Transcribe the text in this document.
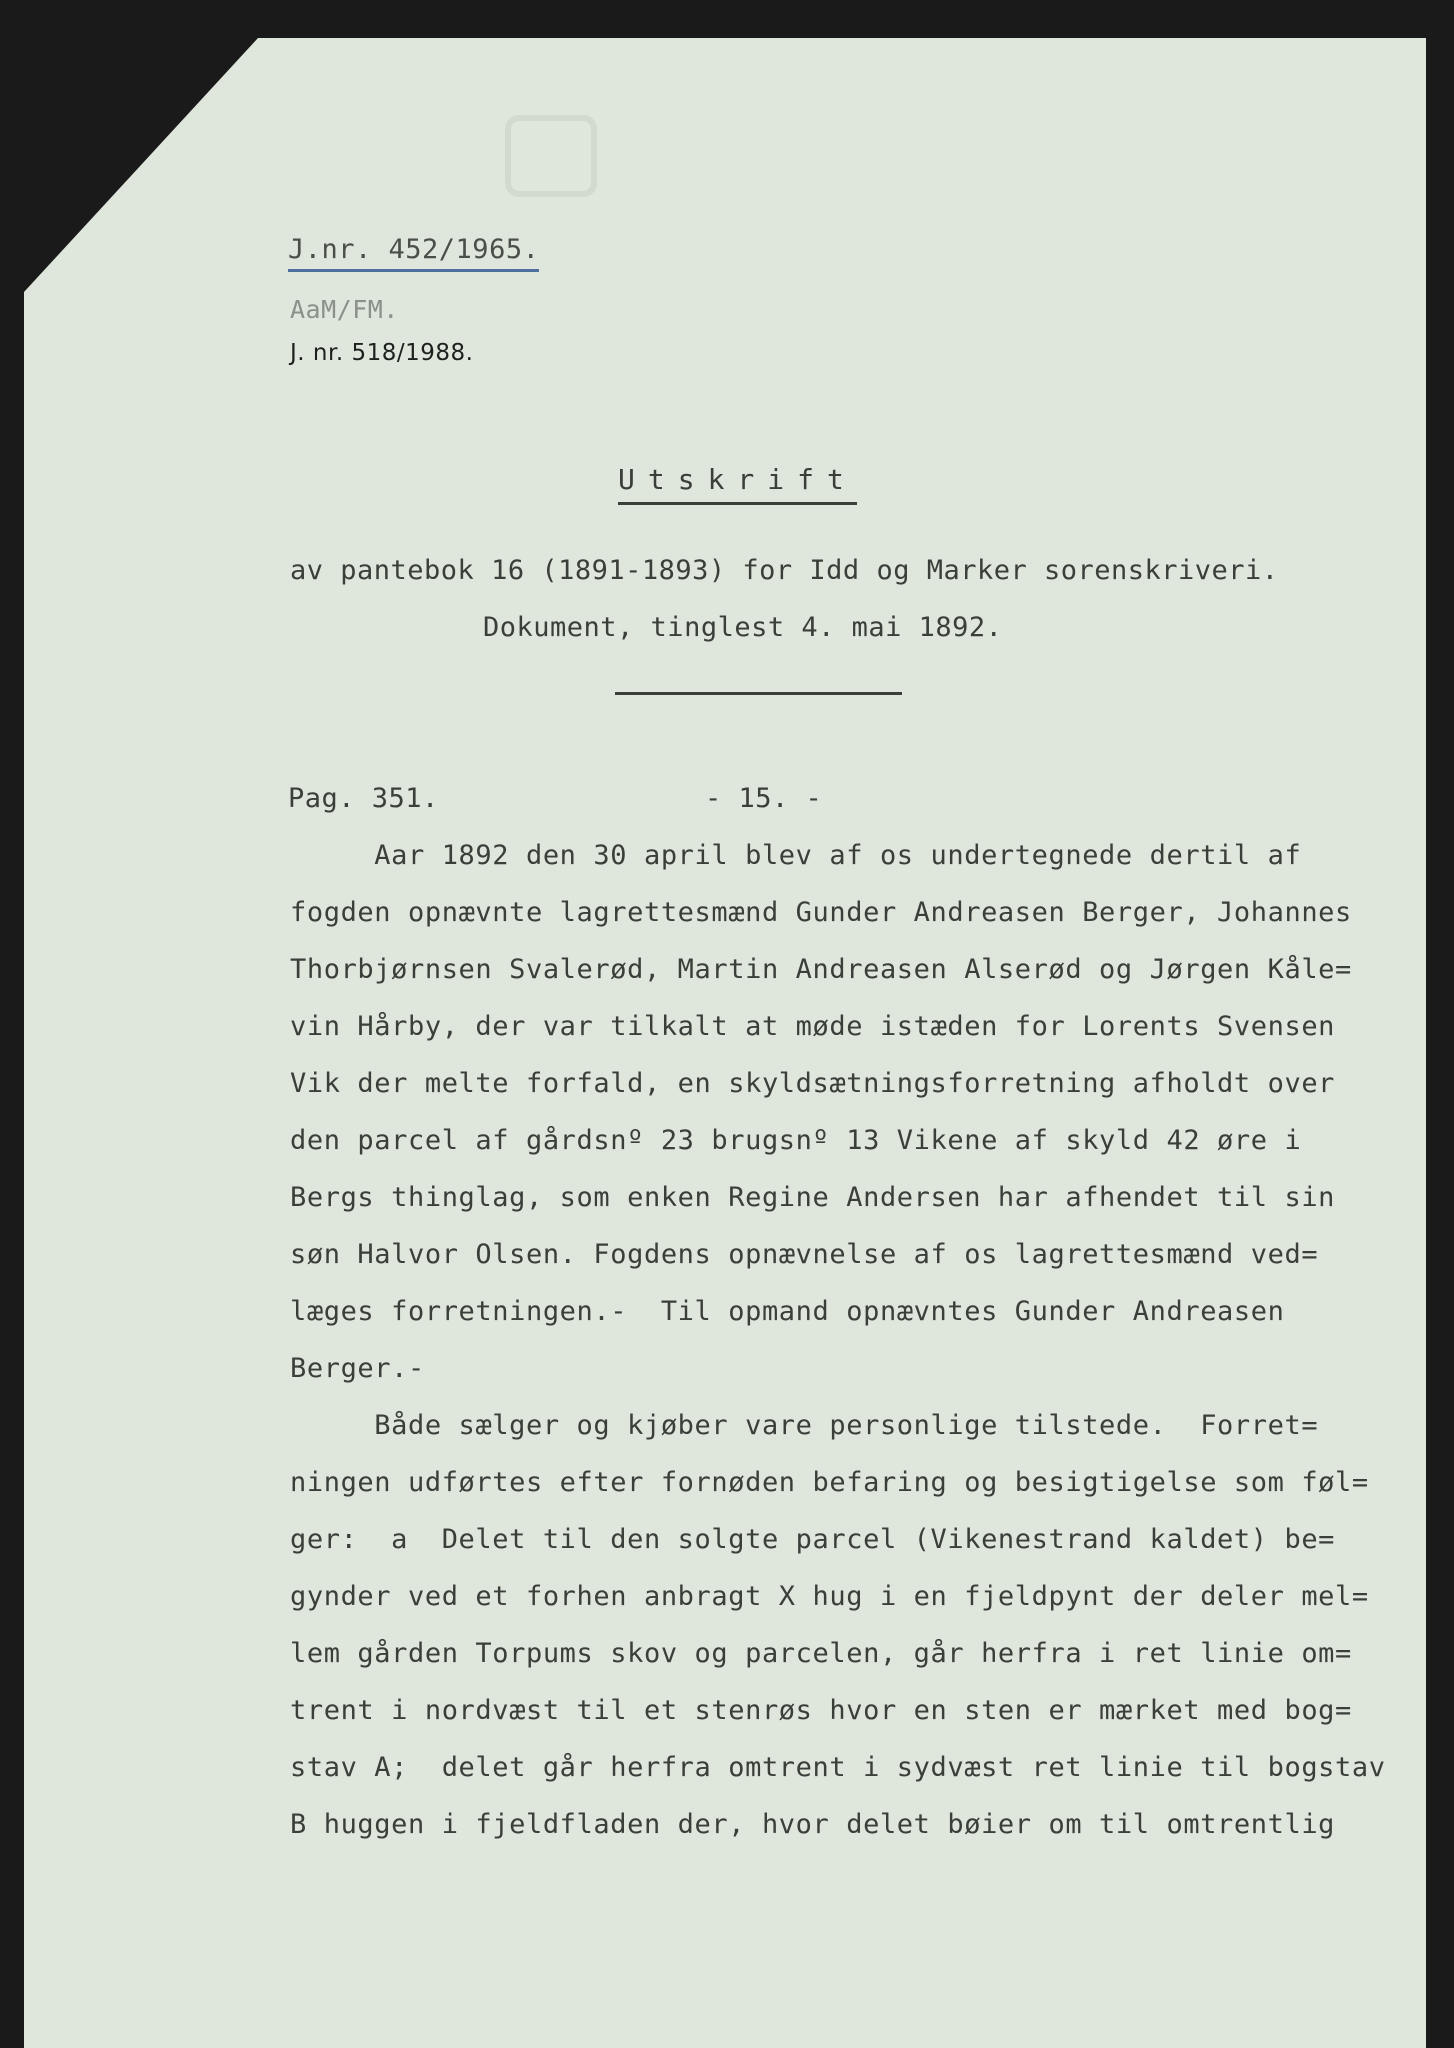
J.nr. 452/1965.
AaM/FM.
J. nr. 518/1988.
Utskrift
av pantebok 16 (1891-1893) for Idd og Marker sorenskriveri.
Dokument, tinglest 4. mai 1892.
Pag. 351.	- 15. -
Aar 1892 den 30 april blev af os undertegnede dertil af
fogden opnævnte lagrettesmænd Gunder Andreasen Berger, Johannes
Thorbjørnsen Svalerød, Martin Andreasen Alserød og Jørgen Kåle=
vin Hårby, der var tilkalt at møde istæden for Lorents Svensen
Vik der melte forfald, en skyldsætningsforretning afholdt over
den parcel af gårdsnº 23 brugsnº 13 Vikene af skyld 42 øre i
Bergs thinglag, som enken Regine Andersen har afhendet til sin
søn Halvor Olsen. Fogdens opnævnelse af os lagrettesmænd ved=
læges forretningen.-  Til opmand opnævntes Gunder Andreasen
Berger.-
Både sælger og kjøber vare personlige tilstede.  Forret=
ningen udførtes efter fornøden befaring og besigtigelse som føl=
ger:  a  Delet til den solgte parcel (Vikenestrand kaldet) be=
gynder ved et forhen anbragt X hug i en fjeldpynt der deler mel=
lem gården Torpums skov og parcelen, går herfra i ret linie om=
trent i nordvæst til et stenrøs hvor en sten er mærket med bog=
stav A;  delet går herfra omtrent i sydvæst ret linie til bogstav
B huggen i fjeldfladen der, hvor delet bøier om til omtrentlig
